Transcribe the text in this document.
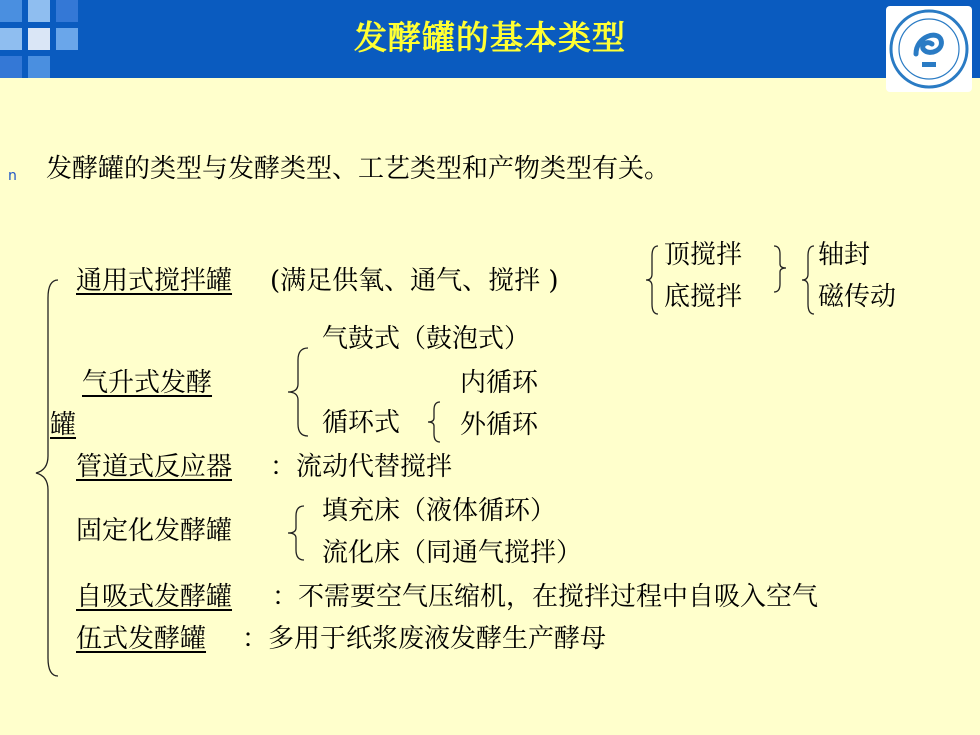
发酵罐的基本类型
n 发酵罐的类型与发酵类型、工艺类型和产物类型有关。
通用式搅拌罐 (满足供氧、通气、搅拌 )
顶搅拌
底搅拌
轴封
磁传动
气升式发酵
罐
气鼓式（鼓泡式）
循环式
内循环
外循环
管道式反应器 ：流动代替搅拌
固定化发酵罐
填充床（液体循环）
流化床（同通气搅拌）
自吸式发酵罐 ：不需要空气压缩机，在搅拌过程中自吸入空气
伍式发酵罐 ：多用于纸浆废液发酵生产酵母
